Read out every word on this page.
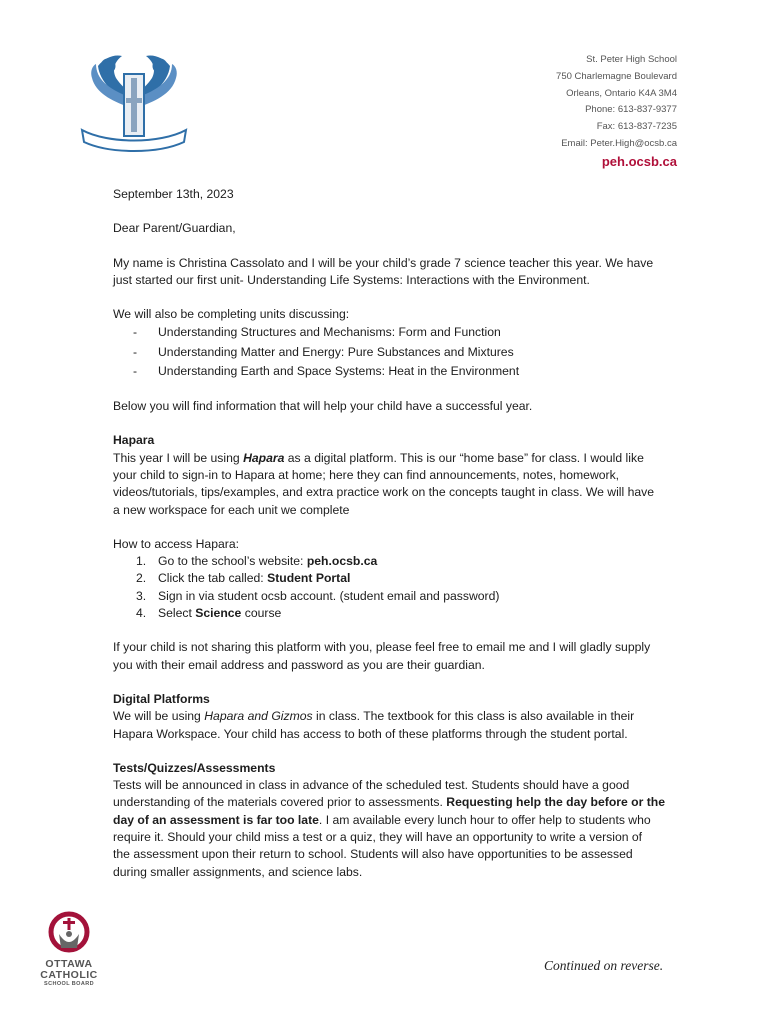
St. Peter High School
750 Charlemagne Boulevard
Orleans, Ontario K4A 3M4
Phone: 613-837-9377
Fax: 613-837-7235
Email: Peter.High@ocsb.ca
peh.ocsb.ca

September 13th, 2023

Dear Parent/Guardian,

My name is Christina Cassolato and I will be your child’s grade 7 science teacher this year. We have

just started our first unit- Understanding Life Systems: Interactions with the Environment.

We will also be completing units discussing:

- Understanding Structures and Mechanisms: Form and Function
- Understanding Matter and Energy: Pure Substances and Mixtures
- Understanding Earth and Space Systems: Heat in the Environment

Below you will find information that will help your child have a successful year.

Hapara

This year I will be using Hapara as a digital platform. This is our “home base” for class. I would like

your child to sign-in to Hapara at home; here they can find announcements, notes, homework,

videos/tutorials, tips/examples, and extra practice work on the concepts taught in class. We will have

a new workspace for each unit we complete

How to access Hapara:

1. Go to the school’s website: peh.ocsb.ca
2. Click the tab called: Student Portal
3. Sign in via student ocsb account. (student email and password)
4. Select Science course

If your child is not sharing this platform with you, please feel free to email me and I will gladly supply

you with their email address and password as you are their guardian.

Digital Platforms

We will be using Hapara and Gizmos in class. The textbook for this class is also available in their

Hapara Workspace. Your child has access to both of these platforms through the student portal.

Tests/Quizzes/Assessments

Tests will be announced in class in advance of the scheduled test. Students should have a good

understanding of the materials covered prior to assessments. Requesting help the day before or the

day of an assessment is far too late. I am available every lunch hour to offer help to students who

require it. Should your child miss a test or a quiz, they will have an opportunity to write a version of

the assessment upon their return to school. Students will also have opportunities to be assessed

during smaller assignments, and science labs.

OTTAWA
CATHOLIC
SCHOOL BOARD
Continued on reverse.
